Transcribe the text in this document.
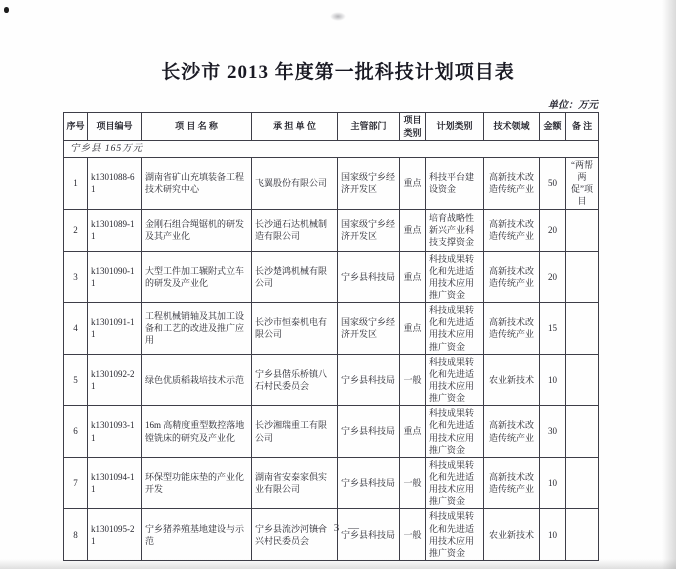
长沙市 2013 年度第一批科技计划项目表
单位：万元
序号	项目编号	项 目 名 称	承 担 单 位	主管部门	项目类别	计划类别	技术领域	金额	备 注
宁乡县 165万元									
1	k1301088-61	湖南省矿山充填装备工程技术研究中心	飞翼股份有限公司	国家级宁乡经济开发区	重点	科技平台建设资金	高新技术改造传统产业	50	“两帮两促”项目
2	k1301089-11	金刚石组合绳锯机的研发及其产业化	长沙通石达机械制造有限公司	国家级宁乡经济开发区	重点	培育战略性新兴产业科技支撑资金	高新技术改造传统产业	20	
3	k1301090-11	大型工件加工辗附式立车的研发及产业化	长沙楚鸿机械有限公司	宁乡县科技局	重点	科技成果转化和先进适用技术应用推广资金	高新技术改造传统产业	20	
4	k1301091-11	工程机械销轴及其加工设备和工艺的改进及推广应用	长沙市恒泰机电有限公司	国家级宁乡经济开发区	重点	科技成果转化和先进适用技术应用推广资金	高新技术改造传统产业	15	
5	k1301092-21	绿色优质稻栽培技术示范	宁乡县偕乐桥镇八石村民委员会	宁乡县科技局	一般	科技成果转化和先进适用技术应用推广资金	农业新技术	10	
6	k1301093-11	16m 高精度重型数控落地镗铣床的研究及产业化	长沙湘瑞重工有限公司	宁乡县科技局	重点	科技成果转化和先进适用技术应用推广资金	高新技术改造传统产业	30	
7	k1301094-11	环保型功能床垫的产业化开发	湖南省安泰家俱实业有限公司	宁乡县科技局	一般	科技成果转化和先进适用技术应用推广资金	高新技术改造传统产业	10	
8	k1301095-21	宁乡猪养殖基地建设与示范	宁乡县流沙河镇合兴村民委员会	宁乡县科技局	一般	科技成果转化和先进适用技术应用推广资金	农业新技术	10	
— 3 —
